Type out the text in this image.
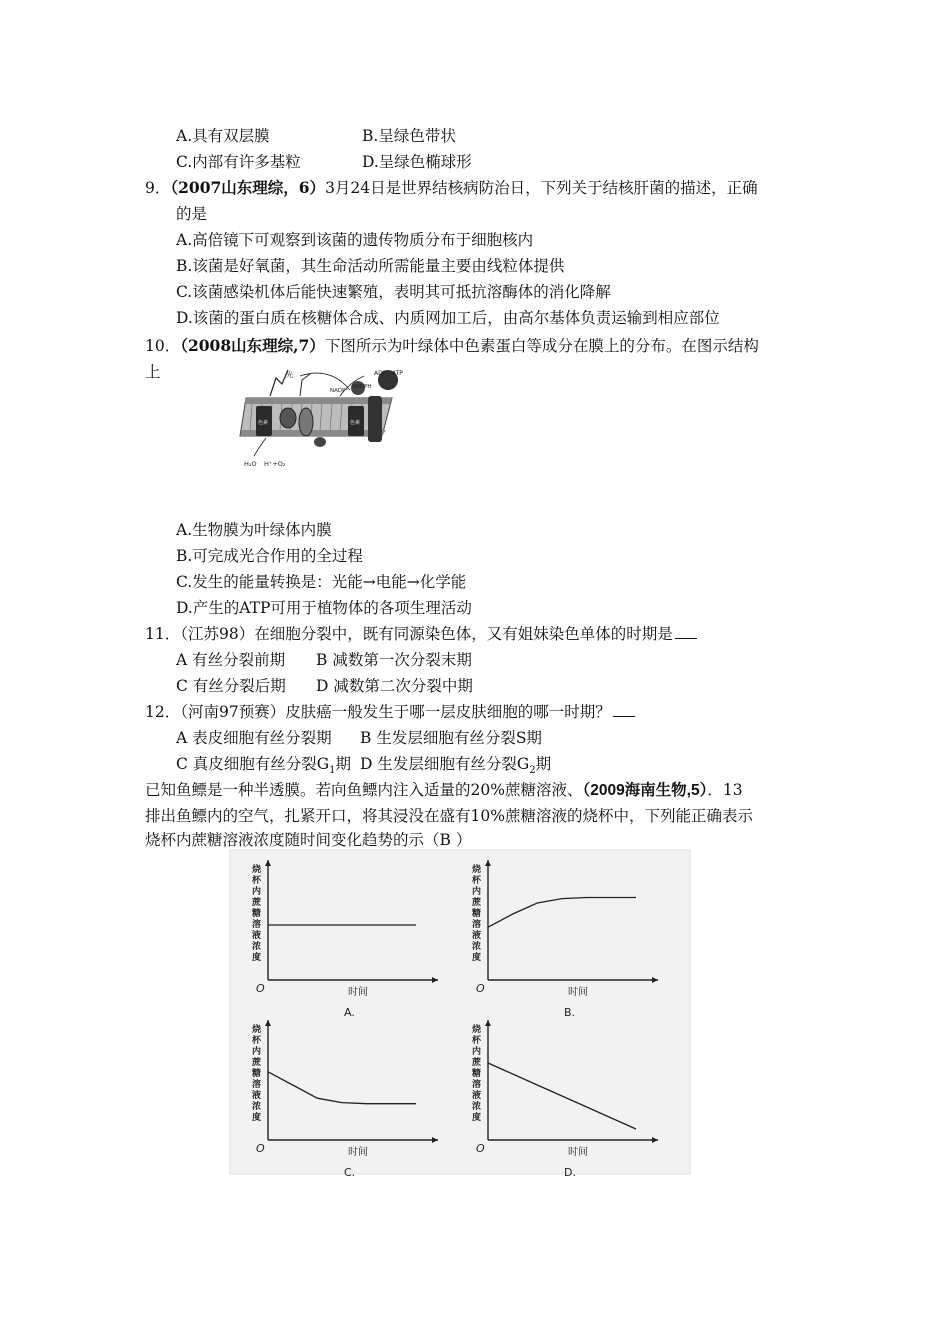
A.具有双层膜	B.呈绿色带状
C.内部有许多基粒	D.呈绿色椭球形
9．（2007山东理综，6）3月24日是世界结核病防治日，下列关于结核肝菌的描述，正确
的是
A.高倍镜下可观察到该菌的遗传物质分布于细胞核内
B.该菌是好氧菌，其生命活动所需能量主要由线粒体提供
C.该菌感染机体后能快速繁殖，表明其可抵抗溶酶体的消化降解
D.该菌的蛋白质在核糖体合成、内质网加工后，由高尔基体负责运输到相应部位
10．（2008山东理综,7）下图所示为叶绿体中色素蛋白等成分在膜上的分布。在图示结构
上
色素	色素
光	ADP ATP
NADP⁺
NADPH
H₂O H⁺+O₂
A.生物膜为叶绿体内膜
B.可完成光合作用的全过程
C.发生的能量转换是：光能→电能→化学能
D.产生的ATP可用于植物体的各项生理活动
11．（江苏98）在细胞分裂中，既有同源染色体，又有姐妹染色单体的时期是
A 有丝分裂前期 B 减数第一次分裂末期
C 有丝分裂后期 D 减数第二次分裂中期
12．（河南97预赛）皮肤癌一般发生于哪一层皮肤细胞的哪一时期？
A 表皮细胞有丝分裂期 B 生发层细胞有丝分裂S期
C 真皮细胞有丝分裂$G_1$期 D 生发层细胞有丝分裂$G_2$期
已知鱼鳔是一种半透膜。若向鱼鳔内注入适量的20%蔗糖溶液、（2009海南生物,5）．13
排出鱼鳔内的空气，扎紧开口，将其浸没在盛有10%蔗糖溶液的烧杯中，下列能正确表示
烧杯内蔗糖溶液浓度随时间变化趋势的示（B ）
O	时间
烧杯内蔗糖溶液浓度
A.
O	时间
烧杯内蔗糖溶液浓度
B.
O	时间
烧杯内蔗糖溶液浓度
C.
O	时间
烧杯内蔗糖溶液浓度
D.
